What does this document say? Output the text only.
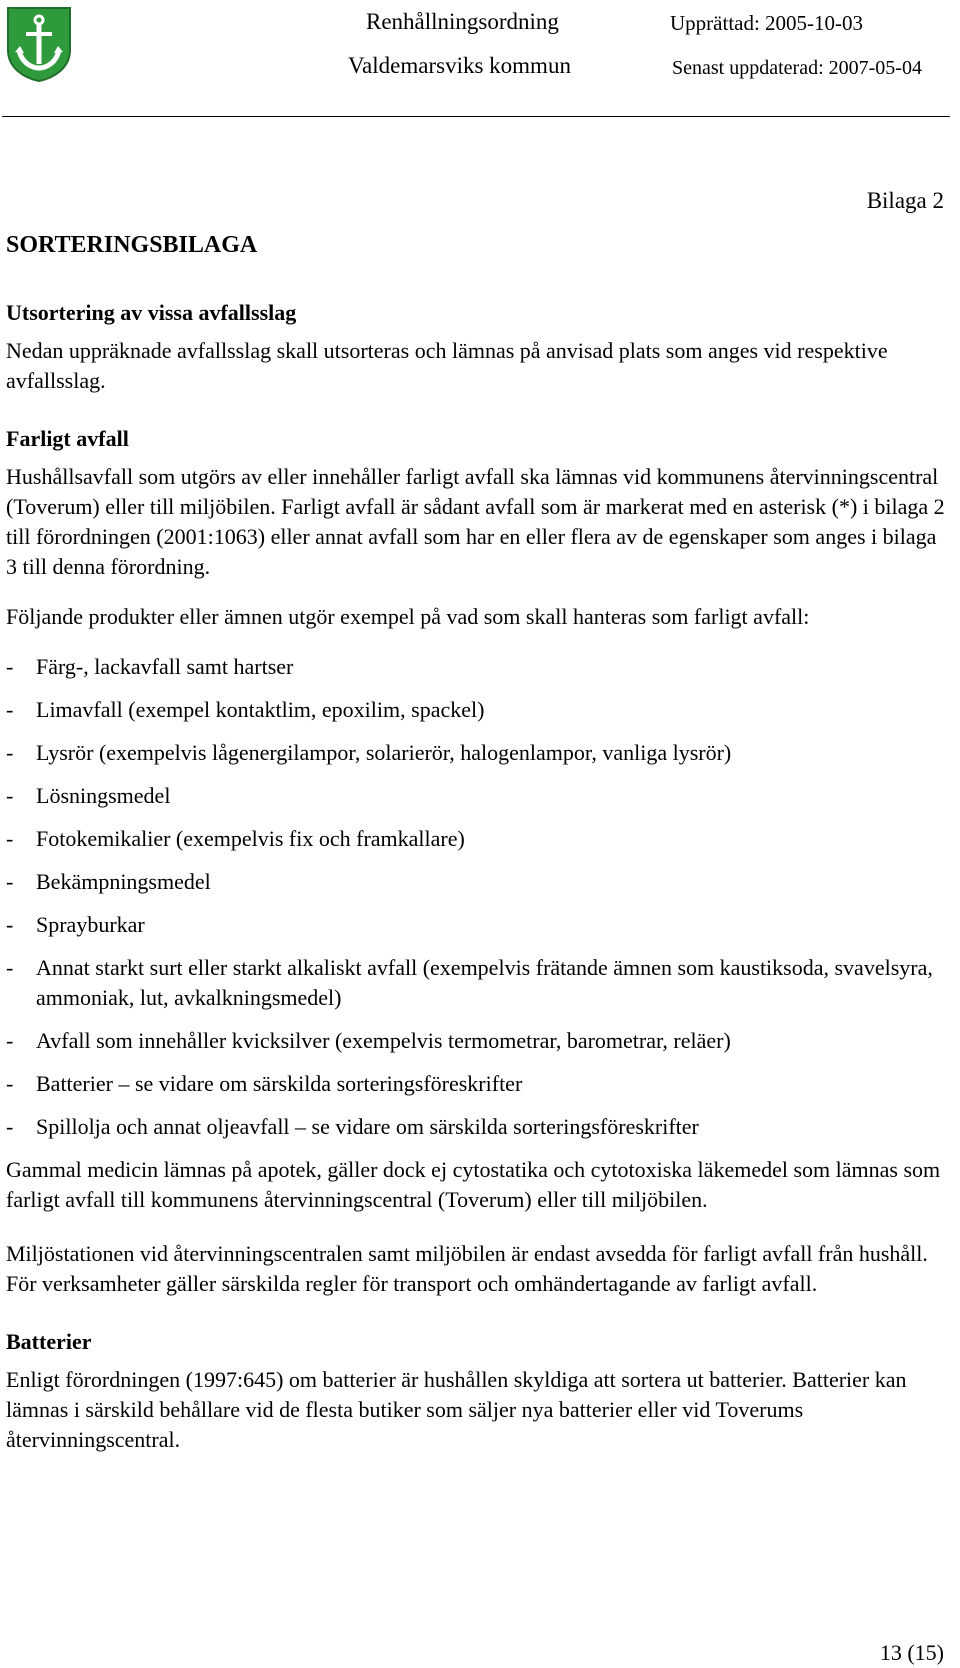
Renhållningsordning
Valdemarsviks kommun
Upprättad: 2005-10-03
Senast uppdaterad: 2007-05-04
Bilaga 2
SORTERINGSBILAGA

Utsortering av vissa avfallsslag

Nedan uppräknade avfallsslag skall utsorteras och lämnas på anvisad plats som anges vid respektive avfallsslag.

Farligt avfall

Hushållsavfall som utgörs av eller innehåller farligt avfall ska lämnas vid kommunens återvinningscentral (Toverum) eller till miljöbilen. Farligt avfall är sådant avfall som är markerat med en asterisk (*) i bilaga 2 till förordningen (2001:1063) eller annat avfall som har en eller flera av de egenskaper som anges i bilaga 3 till denna förordning.

Följande produkter eller ämnen utgör exempel på vad som skall hanteras som farligt avfall:

- Färg-, lackavfall samt hartser
- Limavfall (exempel kontaktlim, epoxilim, spackel)
- Lysrör (exempelvis lågenergilampor, solarierör, halogenlampor, vanliga lysrör)
- Lösningsmedel
- Fotokemikalier (exempelvis fix och framkallare)
- Bekämpningsmedel
- Sprayburkar
- Annat starkt surt eller starkt alkaliskt avfall (exempelvis frätande ämnen som kaustiksoda, svavelsyra, ammoniak, lut, avkalkningsmedel)
- Avfall som innehåller kvicksilver (exempelvis termometrar, barometrar, reläer)
- Batterier – se vidare om särskilda sorteringsföreskrifter
- Spillolja och annat oljeavfall – se vidare om särskilda sorteringsföreskrifter

Gammal medicin lämnas på apotek, gäller dock ej cytostatika och cytotoxiska läkemedel som lämnas som farligt avfall till kommunens återvinningscentral (Toverum) eller till miljöbilen.

Miljöstationen vid återvinningscentralen samt miljöbilen är endast avsedda för farligt avfall från hushåll. För verksamheter gäller särskilda regler för transport och omhändertagande av farligt avfall.

Batterier

Enligt förordningen (1997:645) om batterier är hushållen skyldiga att sortera ut batterier. Batterier kan lämnas i särskild behållare vid de flesta butiker som säljer nya batterier eller vid Toverums återvinningscentral.

13 (15)
